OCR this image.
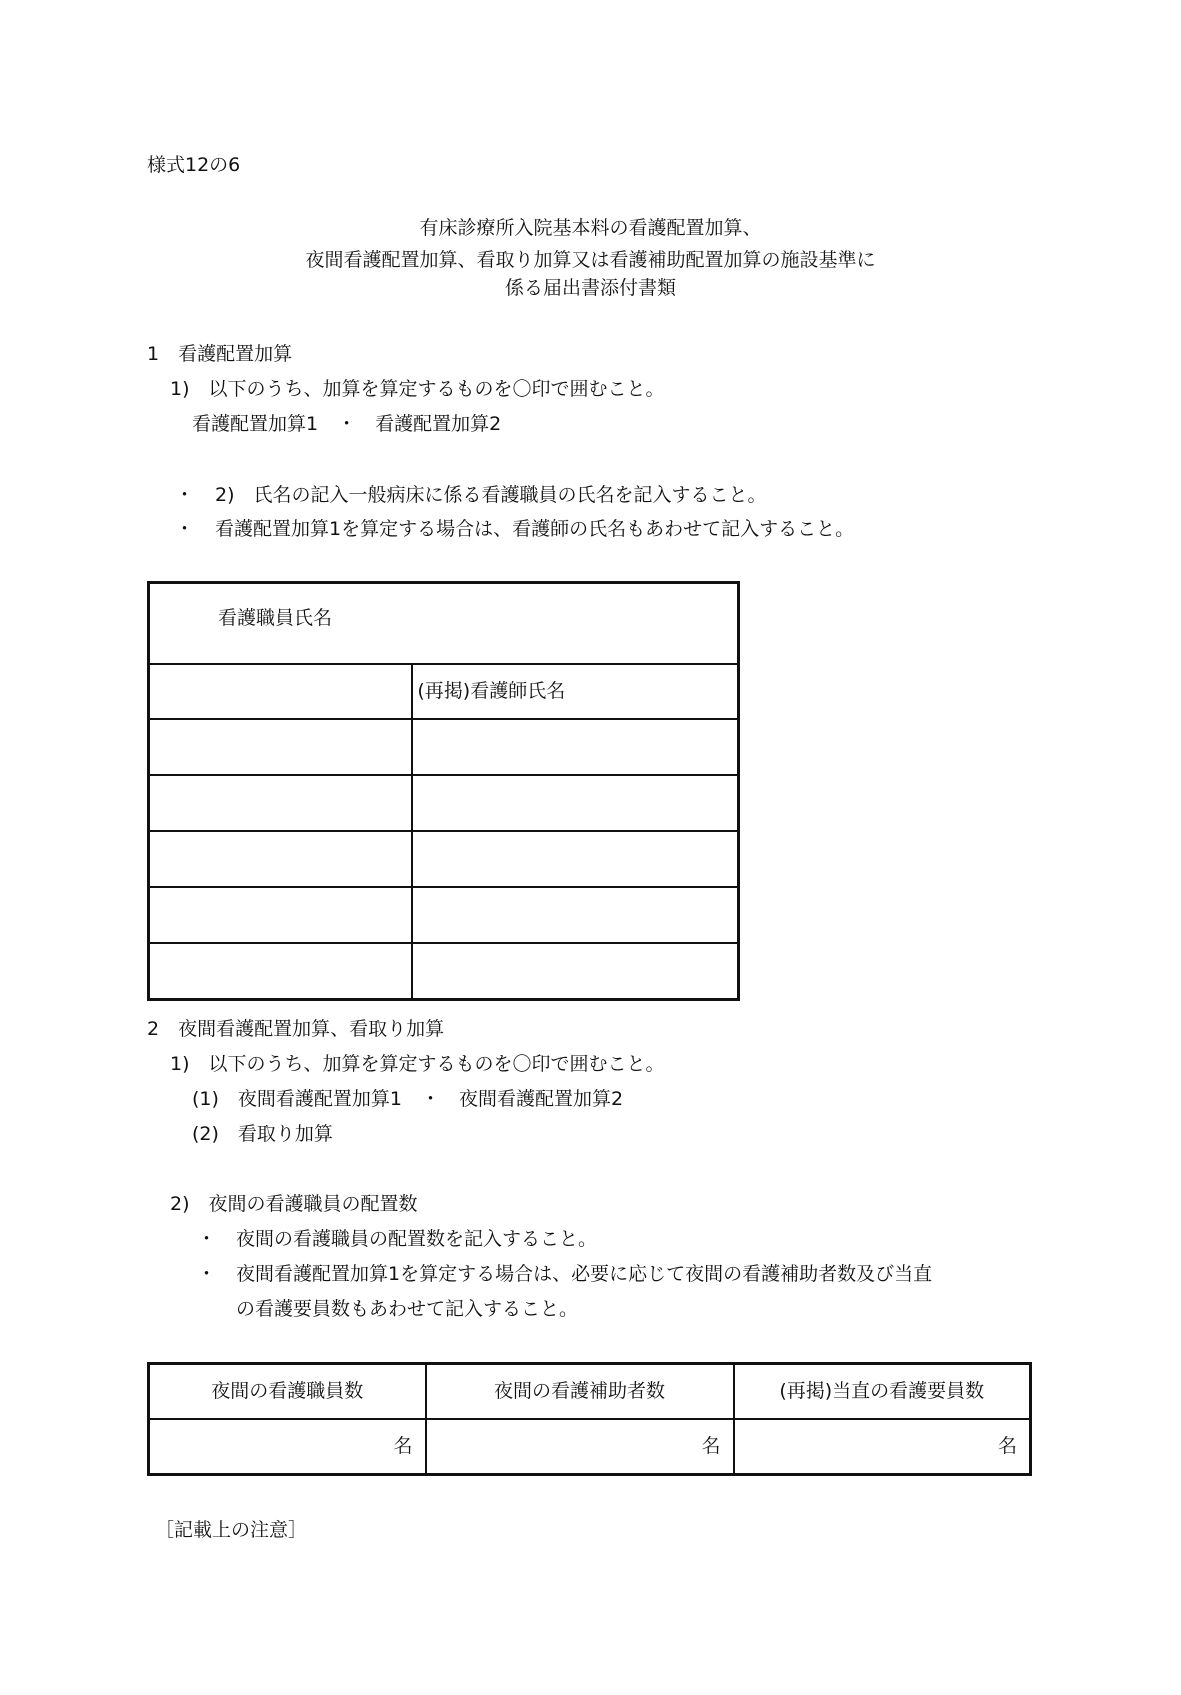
様式12の6
有床診療所入院基本料の看護配置加算、
夜間看護配置加算、看取り加算又は看護補助配置加算の施設基準に
係る届出書添付書類
1　看護配置加算
1)　以下のうち、加算を算定するものを〇印で囲むこと。
看護配置加算1　・　看護配置加算2
・ 2)　氏名の記入一般病床に係る看護職員の氏名を記入すること。
・ 看護配置加算1を算定する場合は、看護師の氏名もあわせて記入すること。
看護職員氏名	
	(再掲)看護師氏名

2　夜間看護配置加算、看取り加算
1)　以下のうち、加算を算定するものを〇印で囲むこと。
(1)　夜間看護配置加算1　・　夜間看護配置加算2
(2)　看取り加算
2)　夜間の看護職員の配置数
・ 夜間の看護職員の配置数を記入すること。
・ 夜間看護配置加算1を算定する場合は、必要に応じて夜間の看護補助者数及び当直
の看護要員数もあわせて記入すること。
夜間の看護職員数	夜間の看護補助者数	(再掲)当直の看護要員数
名	名	名
［記載上の注意］
